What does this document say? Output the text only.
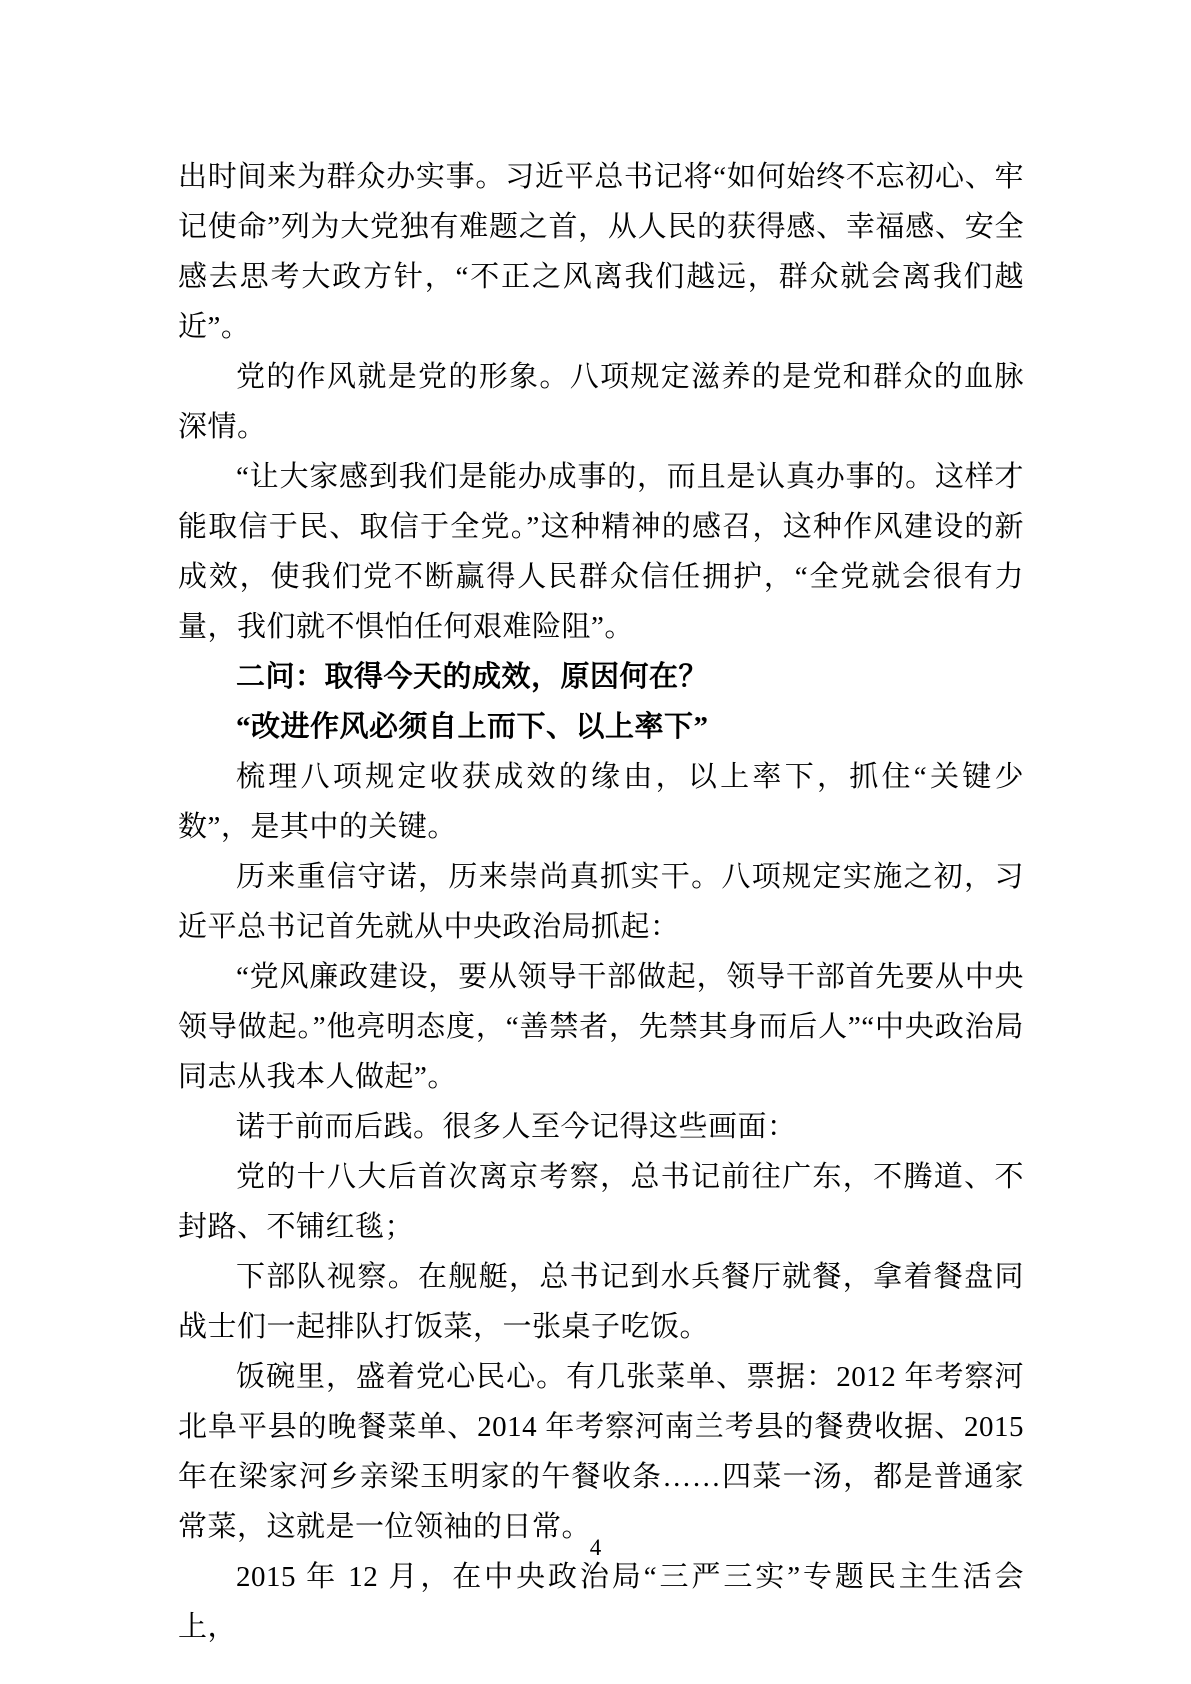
出时间来为群众办实事。习近平总书记将“如何始终不忘初心、牢记使命”列为大党独有难题之首，从人民的获得感、幸福感、安全感去思考大政方针，“不正之风离我们越远，群众就会离我们越近”。

党的作风就是党的形象。八项规定滋养的是党和群众的血脉深情。

“让大家感到我们是能办成事的，而且是认真办事的。这样才能取信于民、取信于全党。”这种精神的感召，这种作风建设的新成效，使我们党不断赢得人民群众信任拥护，“全党就会很有力量，我们就不惧怕任何艰难险阻”。

二问：取得今天的成效，原因何在？

“改进作风必须自上而下、以上率下”

梳理八项规定收获成效的缘由，以上率下，抓住“关键少数”，是其中的关键。

历来重信守诺，历来崇尚真抓实干。八项规定实施之初，习近平总书记首先就从中央政治局抓起：

“党风廉政建设，要从领导干部做起，领导干部首先要从中央领导做起。”他亮明态度，“善禁者，先禁其身而后人”“中央政治局同志从我本人做起”。

诺于前而后践。很多人至今记得这些画面：

党的十八大后首次离京考察，总书记前往广东，不腾道、不封路、不铺红毯；

下部队视察。在舰艇，总书记到水兵餐厅就餐，拿着餐盘同战士们一起排队打饭菜，一张桌子吃饭。

饭碗里，盛着党心民心。有几张菜单、票据：2012 年考察河北阜平县的晚餐菜单、2014 年考察河南兰考县的餐费收据、2015 年在梁家河乡亲梁玉明家的午餐收条……四菜一汤，都是普通家常菜，这就是一位领袖的日常。

2015 年 12 月，在中央政治局“三严三实”专题民主生活会上，

4
